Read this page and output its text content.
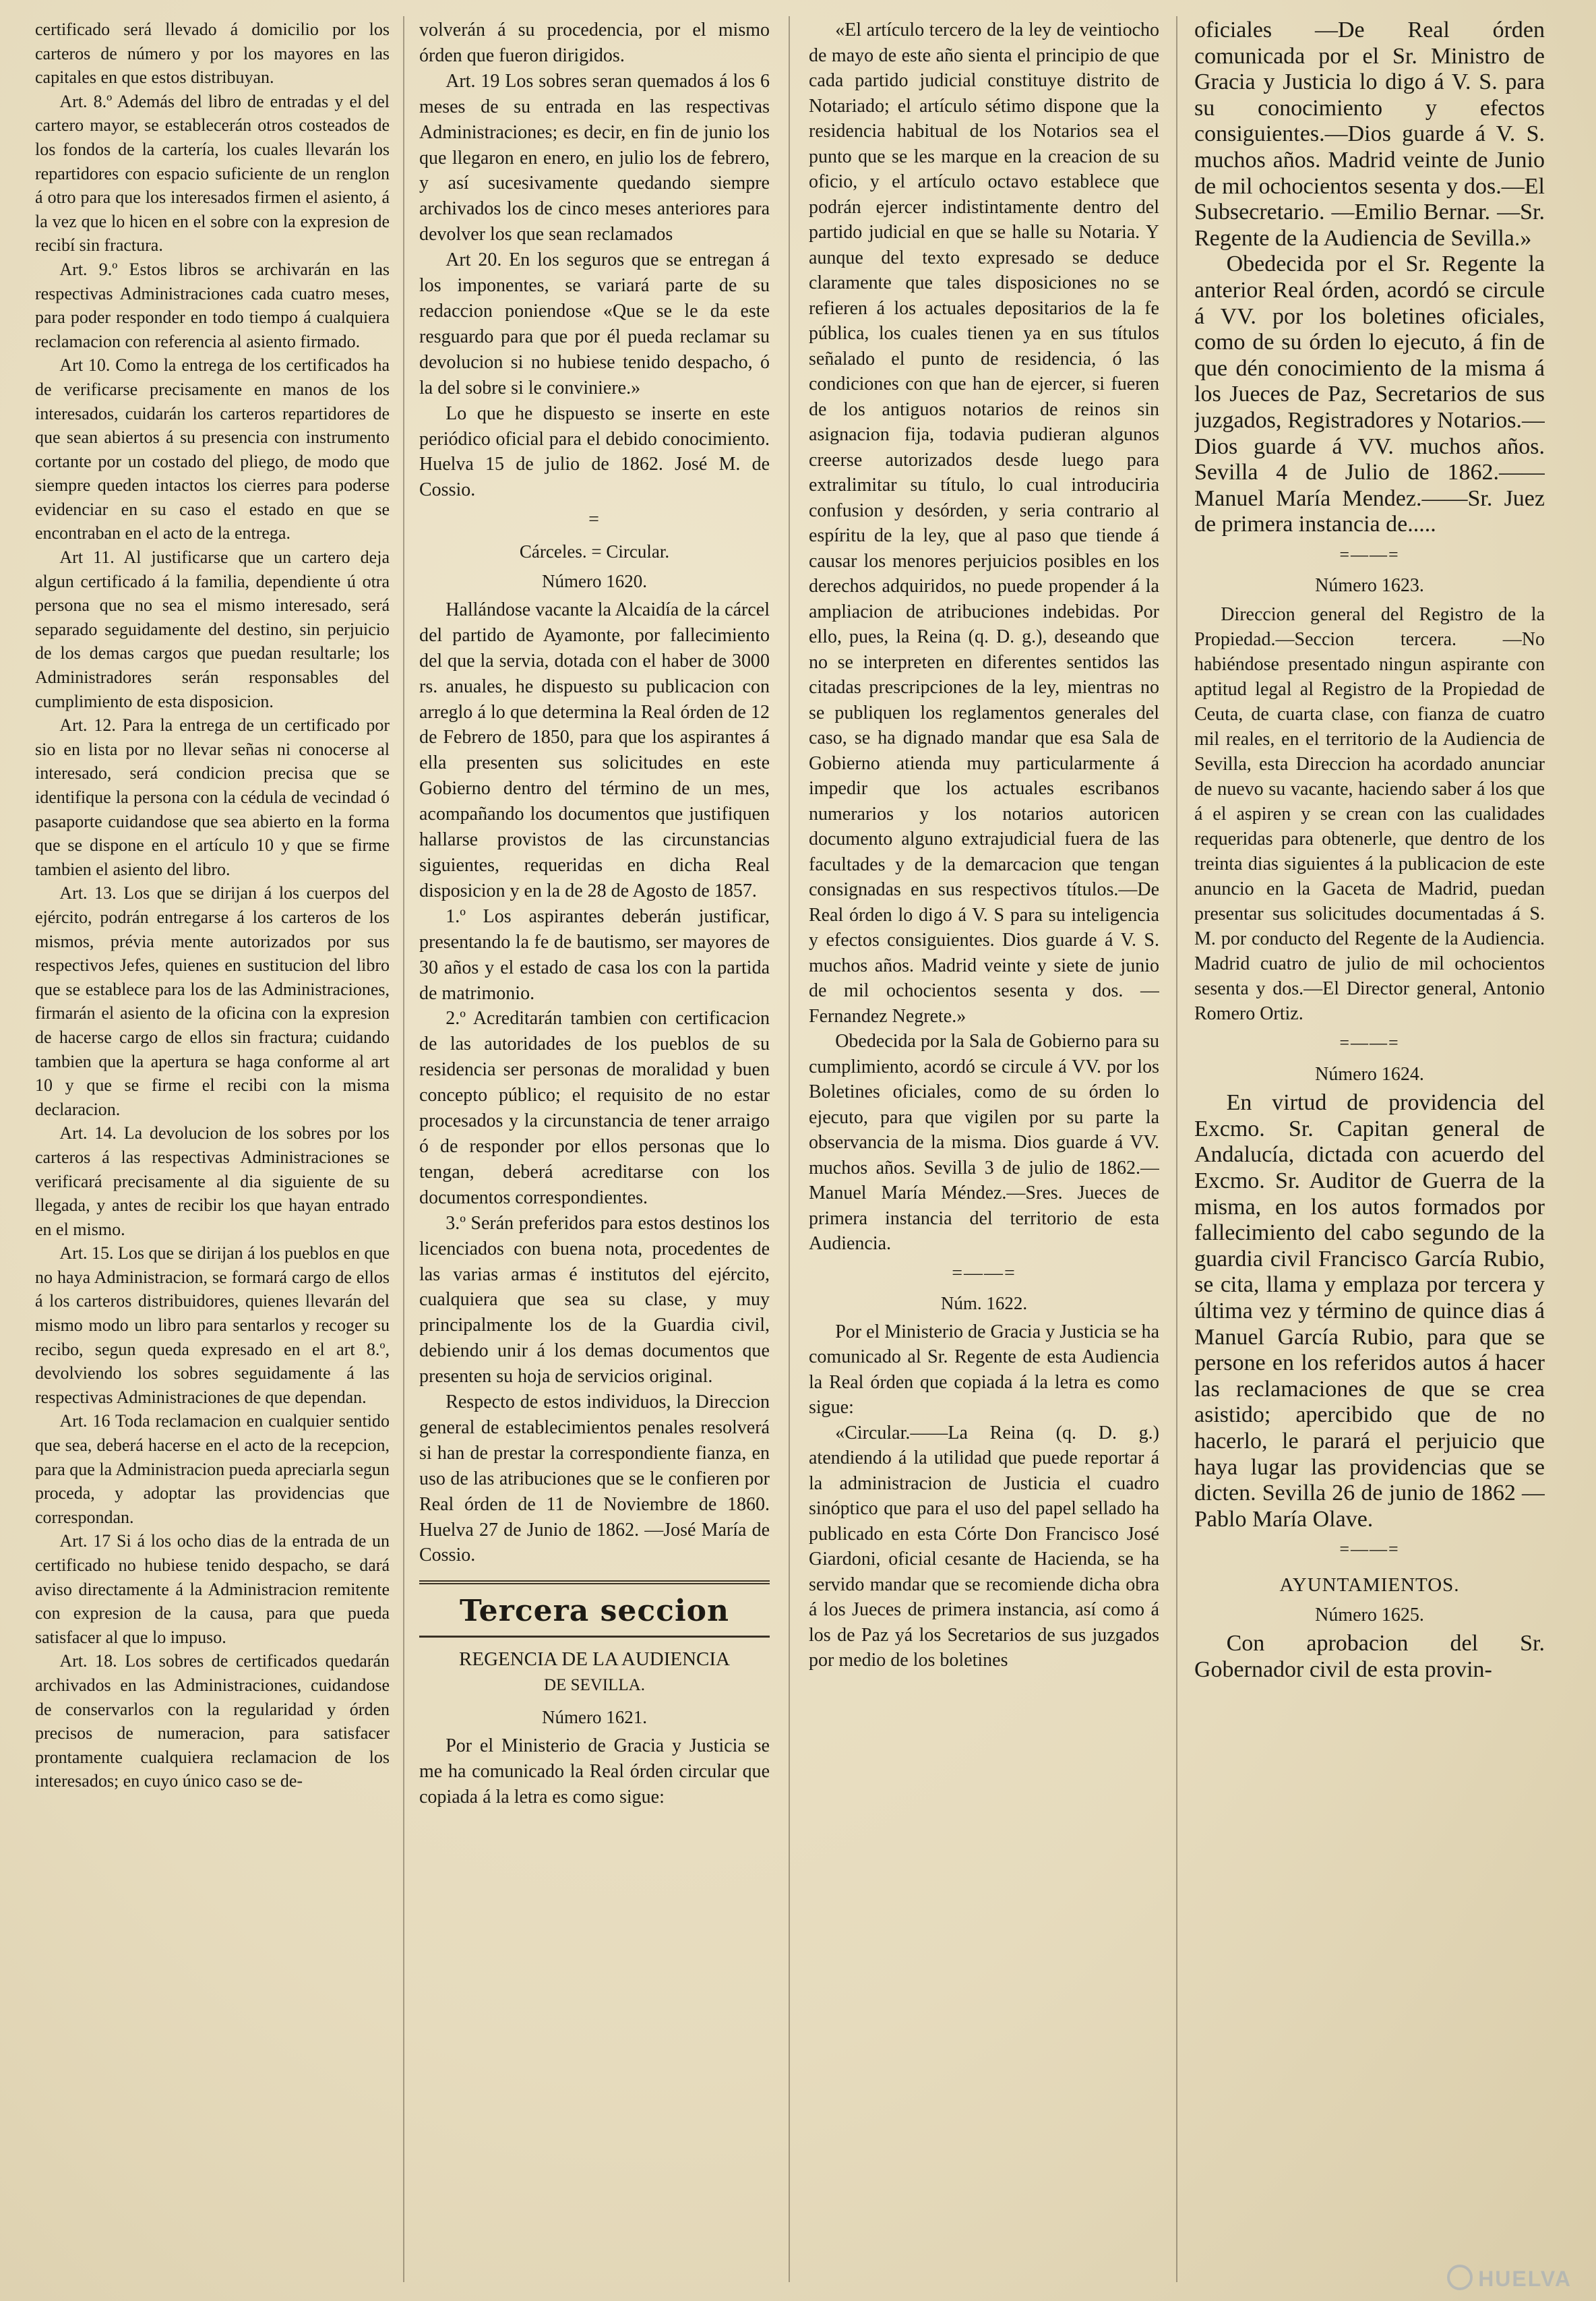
certificado será llevado á domicilio por los carteros de número y por los mayores en las capitales en que estos distribuyan.

Art. 8.º Además del libro de entradas y el del cartero mayor, se establecerán otros costeados de los fondos de la cartería, los cuales llevarán los repartidores con espacio suficiente de un renglon á otro para que los interesados firmen el asiento, á la vez que lo hicen en el sobre con la expresion de recibí sin fractura.

Art. 9.º Estos libros se archivarán en las respectivas Administraciones cada cuatro meses, para poder responder en todo tiempo á cualquiera reclamacion con referencia al asiento firmado.

Art 10. Como la entrega de los certificados ha de verificarse precisamente en manos de los interesados, cuidarán los carteros repartidores de que sean abiertos á su presencia con instrumento cortante por un costado del pliego, de modo que siempre queden intactos los cierres para poderse evidenciar en su caso el estado en que se encontraban en el acto de la entrega.

Art 11. Al justificarse que un cartero deja algun certificado á la familia, dependiente ú otra persona que no sea el mismo interesado, será separado seguidamente del destino, sin perjuicio de los demas cargos que puedan resultarle; los Administradores serán responsables del cumplimiento de esta disposicion.

Art. 12. Para la entrega de un certificado por sio en lista por no llevar señas ni conocerse al interesado, será condicion precisa que se identifique la persona con la cédula de vecindad ó pasaporte cuidandose que sea abierto en la forma que se dispone en el artículo 10 y que se firme tambien el asiento del libro.

Art. 13. Los que se dirijan á los cuerpos del ejército, podrán entregarse á los carteros de los mismos, prévia mente autorizados por sus respectivos Jefes, quienes en sustitucion del libro que se establece para los de las Administraciones, firmarán el asiento de la oficina con la expresion de hacerse cargo de ellos sin fractura; cuidando tambien que la apertura se haga conforme al art 10 y que se firme el recibi con la misma declaracion.

Art. 14. La devolucion de los sobres por los carteros á las respectivas Administraciones se verificará precisamente al dia siguiente de su llegada, y antes de recibir los que hayan entrado en el mismo.

Art. 15. Los que se dirijan á los pueblos en que no haya Administracion, se formará cargo de ellos á los carteros distribuidores, quienes llevarán del mismo modo un libro para sentarlos y recoger su recibo, segun queda expresado en el art 8.º, devolviendo los sobres seguidamente á las respectivas Administraciones de que dependan.

Art. 16 Toda reclamacion en cualquier sentido que sea, deberá hacerse en el acto de la recepcion, para que la Administracion pueda apreciarla segun proceda, y adoptar las providencias que correspondan.

Art. 17 Si á los ocho dias de la entrada de un certificado no hubiese tenido despacho, se dará aviso directamente á la Administracion remitente con expresion de la causa, para que pueda satisfacer al que lo impuso.

Art. 18. Los sobres de certificados quedarán archivados en las Administraciones, cuidandose de conservarlos con la regularidad y órden precisos de numeracion, para satisfacer prontamente cualquiera reclamacion de los interesados; en cuyo único caso se de-

volverán á su procedencia, por el mismo órden que fueron dirigidos.

Art. 19 Los sobres seran quemados á los 6 meses de su entrada en las respectivas Administraciones; es decir, en fin de junio los que llegaron en enero, en julio los de febrero, y así sucesivamente quedando siempre archivados los de cinco meses anteriores para devolver los que sean reclamados

Art 20. En los seguros que se entregan á los imponentes, se variará parte de su redaccion poniendose «Que se le da este resguardo para que por él pueda reclamar su devolucion si no hubiese tenido despacho, ó la del sobre si le conviniere.»

Lo que he dispuesto se inserte en este periódico oficial para el debido conocimiento. Huelva 15 de julio de 1862. José M. de Cossio.

=
Cárceles. = Circular.
Número 1620.

Hallándose vacante la Alcaidía de la cárcel del partido de Ayamonte, por fallecimiento del que la servia, dotada con el haber de 3000 rs. anuales, he dispuesto su publicacion con arreglo á lo que determina la Real órden de 12 de Febrero de 1850, para que los aspirantes á ella presenten sus solicitudes en este Gobierno dentro del término de un mes, acompañando los documentos que justifiquen hallarse provistos de las circunstancias siguientes, requeridas en dicha Real disposicion y en la de 28 de Agosto de 1857.

1.º Los aspirantes deberán justificar, presentando la fe de bautismo, ser mayores de 30 años y el estado de casa los con la partida de matrimonio.

2.º Acreditarán tambien con certificacion de las autoridades de los pueblos de su residencia ser personas de moralidad y buen concepto público; el requisito de no estar procesados y la circunstancia de tener arraigo ó de responder por ellos personas que lo tengan, deberá acreditarse con los documentos correspondientes.

3.º Serán preferidos para estos destinos los licenciados con buena nota, procedentes de las varias armas é institutos del ejército, cualquiera que sea su clase, y muy principalmente los de la Guardia civil, debiendo unir á los demas documentos que presenten su hoja de servicios original.

Respecto de estos individuos, la Direccion general de establecimientos penales resolverá si han de prestar la correspondiente fianza, en uso de las atribuciones que se le confieren por Real órden de 11 de Noviembre de 1860. Huelva 27 de Junio de 1862. —José María de Cossio.

Tercera seccion
REGENCIA DE LA AUDIENCIA
DE SEVILLA.
Número 1621.

Por el Ministerio de Gracia y Justicia se me ha comunicado la Real órden circular que copiada á la letra es como sigue:

«El artículo tercero de la ley de veintiocho de mayo de este año sienta el principio de que cada partido judicial constituye distrito de Notariado; el artículo sétimo dispone que la residencia habitual de los Notarios sea el punto que se les marque en la creacion de su oficio, y el artículo octavo establece que podrán ejercer indistintamente dentro del partido judicial en que se halle su Notaria. Y aunque del texto expresado se deduce claramente que tales disposiciones no se refieren á los actuales depositarios de la fe pública, los cuales tienen ya en sus títulos señalado el punto de residencia, ó las condiciones con que han de ejercer, si fueren de los antiguos notarios de reinos sin asignacion fija, todavia pudieran algunos creerse autorizados desde luego para extralimitar su título, lo cual introduciria confusion y desórden, y seria contrario al espíritu de la ley, que al paso que tiende á causar los menores perjuicios posibles en los derechos adquiridos, no puede propender á la ampliacion de atribuciones indebidas. Por ello, pues, la Reina (q. D. g.), deseando que no se interpreten en diferentes sentidos las citadas prescripciones de la ley, mientras no se publiquen los reglamentos generales del caso, se ha dignado mandar que esa Sala de Gobierno atienda muy particularmente á impedir que los actuales escribanos numerarios y los notarios autoricen documento alguno extrajudicial fuera de las facultades y de la demarcacion que tengan consignadas en sus respectivos títulos.—De Real órden lo digo á V. S para su inteligencia y efectos consiguientes. Dios guarde á V. S. muchos años. Madrid veinte y siete de junio de mil ochocientos sesenta y dos. —Fernandez Negrete.»

Obedecida por la Sala de Gobierno para su cumplimiento, acordó se circule á VV. por los Boletines oficiales, como de su órden lo ejecuto, para que vigilen por su parte la observancia de la misma. Dios guarde á VV. muchos años. Sevilla 3 de julio de 1862.—Manuel María Méndez.—Sres. Jueces de primera instancia del territorio de esta Audiencia.

=——=
Núm. 1622.

Por el Ministerio de Gracia y Justicia se ha comunicado al Sr. Regente de esta Audiencia la Real órden que copiada á la letra es como sigue:

«Circular.——La Reina (q. D. g.) atendiendo á la utilidad que puede reportar á la administracion de Justicia el cuadro sinóptico que para el uso del papel sellado ha publicado en esta Córte Don Francisco José Giardoni, oficial cesante de Hacienda, se ha servido mandar que se recomiende dicha obra á los Jueces de primera instancia, así como á los de Paz yá los Secretarios de sus juzgados por medio de los boletines

oficiales —De Real órden comunicada por el Sr. Ministro de Gracia y Justicia lo digo á V. S. para su conocimiento y efectos consiguientes.—Dios guarde á V. S. muchos años. Madrid veinte de Junio de mil ochocientos sesenta y dos.—El Subsecretario. —Emilio Bernar. —Sr. Regente de la Audiencia de Sevilla.»

Obedecida por el Sr. Regente la anterior Real órden, acordó se circule á VV. por los boletines oficiales, como de su órden lo ejecuto, á fin de que dén conocimiento de la misma á los Jueces de Paz, Secretarios de sus juzgados, Registradores y Notarios.— Dios guarde á VV. muchos años. Sevilla 4 de Julio de 1862.——Manuel María Mendez.——Sr. Juez de primera instancia de.....

=——=
Número 1623.

Direccion general del Registro de la Propiedad.—Seccion tercera. —No habiéndose presentado ningun aspirante con aptitud legal al Registro de la Propiedad de Ceuta, de cuarta clase, con fianza de cuatro mil reales, en el territorio de la Audiencia de Sevilla, esta Direccion ha acordado anunciar de nuevo su vacante, haciendo saber á los que á el aspiren y se crean con las cualidades requeridas para obtenerle, que dentro de los treinta dias siguientes á la publicacion de este anuncio en la Gaceta de Madrid, puedan presentar sus solicitudes documentadas á S. M. por conducto del Regente de la Audiencia. Madrid cuatro de julio de mil ochocientos sesenta y dos.—El Director general, Antonio Romero Ortiz.

=——=
Número 1624.

En virtud de providencia del Excmo. Sr. Capitan general de Andalucía, dictada con acuerdo del Excmo. Sr. Auditor de Guerra de la misma, en los autos formados por fallecimiento del cabo segundo de la guardia civil Francisco García Rubio, se cita, llama y emplaza por tercera y última vez y término de quince dias á Manuel García Rubio, para que se persone en los referidos autos á hacer las reclamaciones de que se crea asistido; apercibido que de no hacerlo, le parará el perjuicio que haya lugar las providencias que se dicten. Sevilla 26 de junio de 1862 —Pablo María Olave.

=——=
AYUNTAMIENTOS.
Número 1625.

Con aprobacion del Sr. Gobernador civil de esta provin-

HUELVA
